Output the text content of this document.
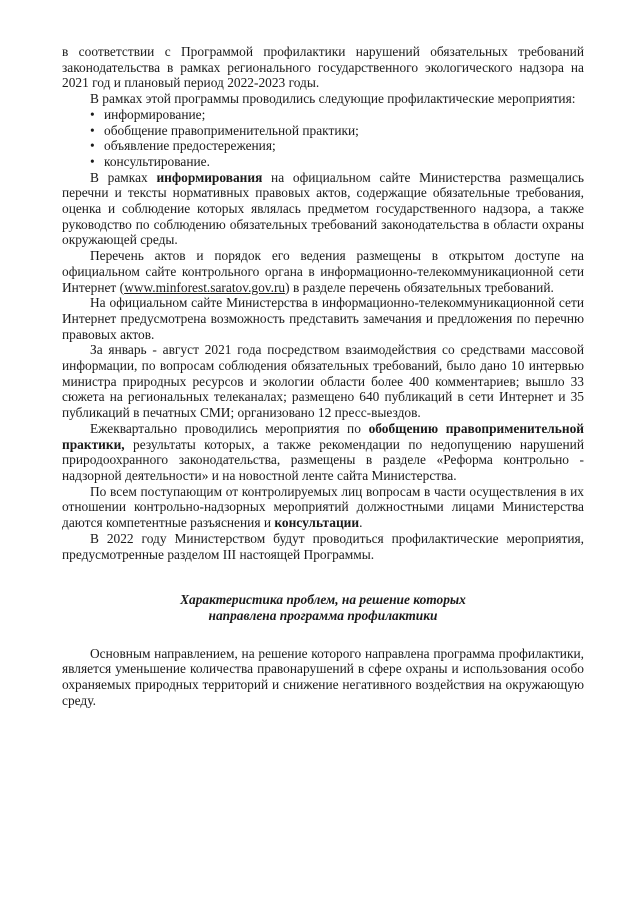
в соответствии с Программой профилактики нарушений обязательных требований законодательства в рамках регионального государственного экологического надзора на 2021 год и плановый период 2022-2023 годы.

В рамках этой программы проводились следующие профилактические мероприятия:

• информирование;
• обобщение правоприменительной практики;
• объявление предостережения;
• консультирование.

В рамках информирования на официальном сайте Министерства размещались перечни и тексты нормативных правовых актов, содержащие обязательные требования, оценка и соблюдение которых являлась предметом государственного надзора, а также руководство по соблюдению обязательных требований законодательства в области охраны окружающей среды.

Перечень актов и порядок его ведения размещены в открытом доступе на официальном сайте контрольного органа в информационно-телекоммуникационной сети Интернет (www.minforest.saratov.gov.ru) в разделе перечень обязательных требований.

На официальном сайте Министерства в информационно-телекоммуникационной сети Интернет предусмотрена возможность представить замечания и предложения по перечню правовых актов.

За январь - август 2021 года посредством взаимодействия со средствами массовой информации, по вопросам соблюдения обязательных требований, было дано 10 интервью министра природных ресурсов и экологии области более 400 комментариев; вышло 33 сюжета на региональных телеканалах; размещено 640 публикаций в сети Интернет и 35 публикаций в печатных СМИ; организовано 12 пресс-выездов.

Ежеквартально проводились мероприятия по обобщению правоприменительной практики, результаты которых, а также рекомендации по недопущению нарушений природоохранного законодательства, размещены в разделе «Реформа контрольно - надзорной деятельности» и на новостной ленте сайта Министерства.

По всем поступающим от контролируемых лиц вопросам в части осуществления в их отношении контрольно-надзорных мероприятий должностными лицами Министерства даются компетентные разъяснения и консультации.

В 2022 году Министерством будут проводиться профилактические мероприятия, предусмотренные разделом III настоящей Программы.

Характеристика проблем, на решение которых

направлена программа профилактики

Основным направлением, на решение которого направлена программа профилактики, является уменьшение количества правонарушений в сфере охраны и использования особо охраняемых природных территорий и снижение негативного воздействия на окружающую среду.
